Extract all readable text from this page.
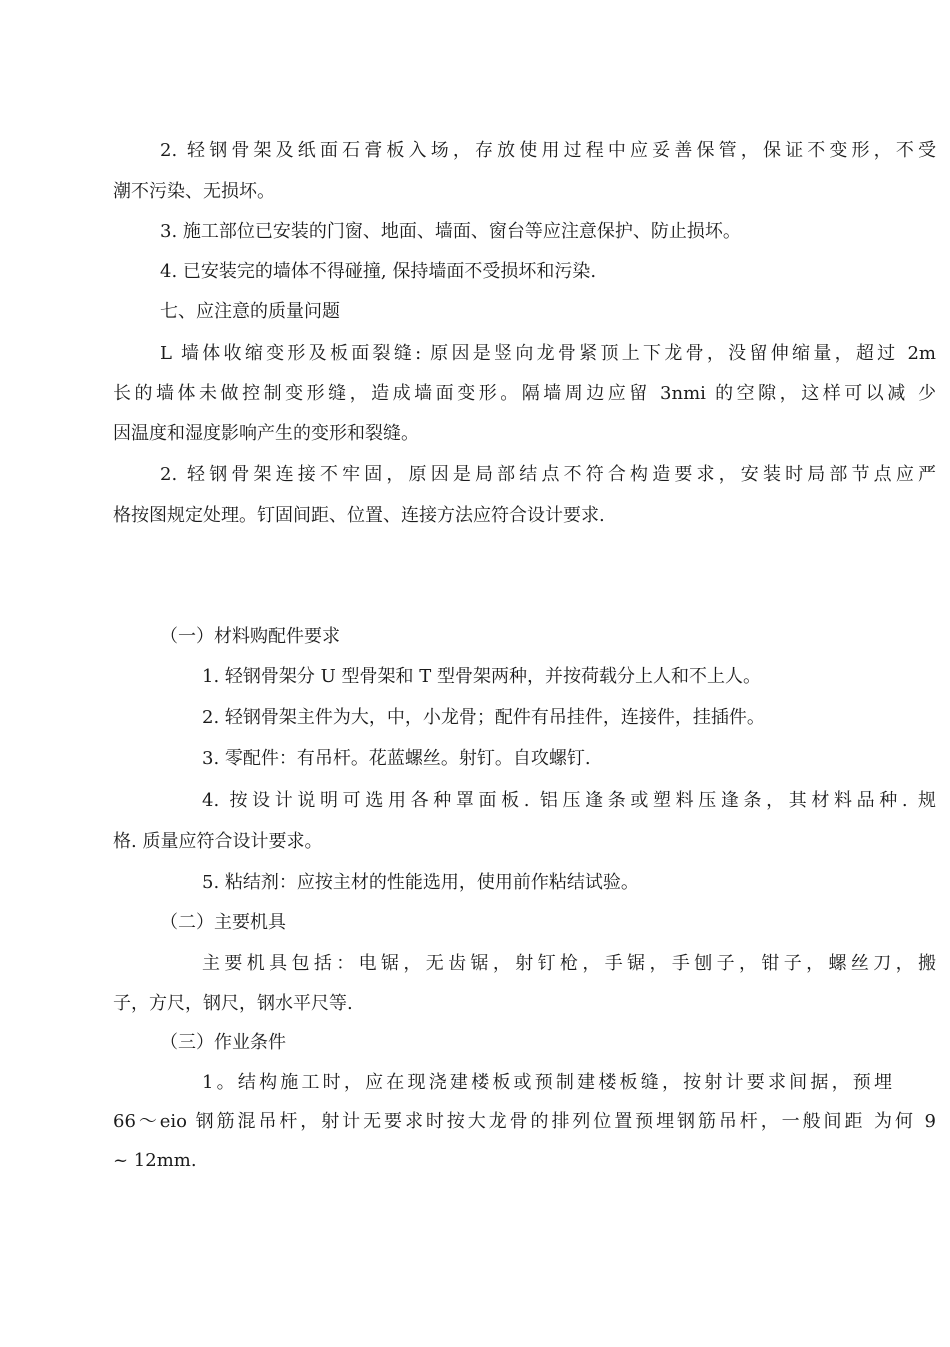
2. 轻钢骨架及纸面石膏板入场，存放使用过程中应妥善保管，保证不变形，不受
潮不污染、无损坏。
3. 施工部位已安装的门窗、地面、墙面、窗台等应注意保护、防止损坏。
4. 已安装完的墙体不得碰撞, 保持墙面不受损坏和污染.
七、应注意的质量问题
L 墙体收缩变形及板面裂缝: 原因是竖向龙骨紧顶上下龙骨，没留伸缩量，超过 2m
长的墙体未做控制变形缝，造成墙面变形。隔墙周边应留 3nmi 的空隙，这样可以减 少
因温度和湿度影响产生的变形和裂缝。
2. 轻钢骨架连接不牢固，原因是局部结点不符合构造要求，安装时局部节点应严
格按图规定处理。钉固间距、位置、连接方法应符合设计要求.
（一）材料购配件要求
1. 轻钢骨架分 U 型骨架和 T 型骨架两种，并按荷载分上人和不上人。
2. 轻钢骨架主件为大，中，小龙骨；配件有吊挂件，连接件，挂插件。
3. 零配件：有吊杆。花蓝螺丝。射钉。自攻螺钉.
4. 按设计说明可选用各种罩面板. 铝压逢条或塑料压逢条，其材料品种. 规
格. 质量应符合设计要求。
5. 粘结剂：应按主材的性能选用，使用前作粘结试验。
（二）主要机具
主要机具包括：电锯，无齿锯，射钉枪，手锯，手刨子，钳子，螺丝刀，搬
子，方尺，钢尺，钢水平尺等.
（三）作业条件
1。结构施工时，应在现浇建楼板或预制建楼板缝，按射计要求间据，预埋
66〜eio 钢筋混吊杆，射计无要求时按大龙骨的排列位置预埋钢筋吊杆，一般间距 为何 9
~ 12mm.
